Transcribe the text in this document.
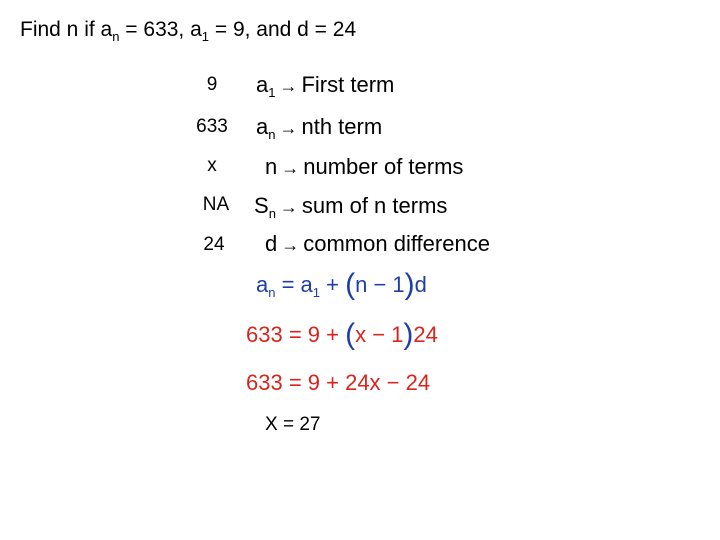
Find n if $a_n = 633$, $a_1 = 9$, and d = 24
9
633
x
NA
24
$a_1$ → First term
$a_n$ → nth term
n → number of terms
$S_n$ → sum of n terms
d → common difference
$a_n = a_1 + (n - 1)d$
633 = 9 + (x − 1)24
633 = 9 + 24x − 24
X = 27
